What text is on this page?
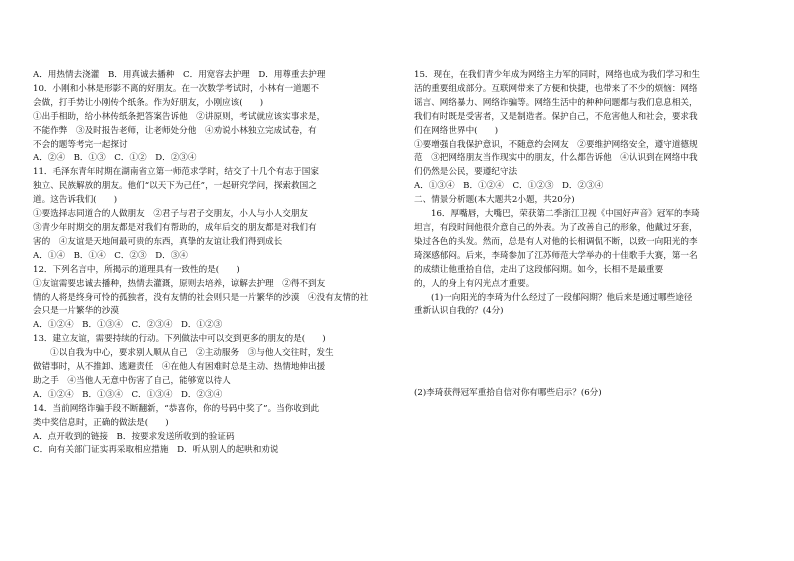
A．用热情去浇灌　B．用真诚去播种　C．用宽容去护理　D．用尊重去护理
10．小刚和小林是形影不离的好朋友。在一次数学考试时，小林有一道题不
会做，打手势让小刚传个纸条。作为好朋友，小刚应该(　　)
①出手相助，给小林传纸条把答案告诉他　②讲原则，考试就应该实事求是，
不能作弊　③及时报告老师，让老师处分他　④劝说小林独立完成试卷，有
不会的题等考完一起探讨
A．②④　B．①③　C．①②　D．②③④
11．毛泽东青年时期在湖南省立第一师范求学时，结交了十几个有志于国家
独立、民族解放的朋友。他们“以天下为己任”，一起研究学问，探索救国之
道。这告诉我们(　　)
①要选择志同道合的人做朋友　②君子与君子交朋友，小人与小人交朋友
③青少年时期交的朋友都是对我们有帮助的，成年后交的朋友都是对我们有
害的　④友谊是天地间最可贵的东西，真挚的友谊让我们得到成长
A．①④　B．①④　C．②③　D．③④
12．下列名言中，所揭示的道理具有一致性的是(　　)
①友谊需要忠诚去播种，热情去灌溉，原则去培养，谅解去护理　②得不到友
情的人将是终身可怜的孤独者，没有友情的社会则只是一片繁华的沙漠　④没有友情的社
会只是一片繁华的沙漠
A．①②④　B．①③④　C．②③④　D．①②③
13．建立友谊，需要持续的行动。下列做法中可以交到更多的朋友的是(　　)
①以自我为中心，要求别人顺从自己　②主动服务　③与他人交往时，发生
做错事时，从不推卸、逃避责任　④在他人有困难时总是主动、热情地伸出援
助之手　④当他人无意中伤害了自己，能够宽以待人
A．①②④　B．①③④　C．①③④　D．②③④
14．当前网络诈骗手段不断翻新，“恭喜你，你的号码中奖了”。当你收到此
类中奖信息时，正确的做法是(　　)
A．点开收到的链接　B．按要求发送所收到的验证码
C．向有关部门证实再采取相应措施　D．听从别人的起哄和劝说
15．现在，在我们青少年成为网络主力军的同时，网络也成为我们学习和生
活的重要组成部分。互联网带来了方便和快捷，也带来了不少的烦恼：网络
谣言、网络暴力、网络诈骗等。网络生活中的种种问题都与我们息息相关，
我们有时既是受害者，又是制造者。保护自己，不危害他人和社会，要求我
们在网络世界中(　　)
①要增强自我保护意识，不随意约会网友　②要维护网络安全，遵守道德规
范　③把网络朋友当作现实中的朋友，什么都告诉他　④认识到在网络中我
们仍然是公民，要遵纪守法
A．①③④　B．①②④　C．①②③　D．②③④
二、情景分析题(本大题共2小题，共20分)
16．厚嘴唇，大嘴巴，荣获第二季浙江卫视《中国好声音》冠军的李琦
坦言，有段时间他很介意自己的外表。为了改善自己的形象，他戴过牙套，
染过各色的头发。然而，总是有人对他的长相调侃不断，以致一向阳光的李
琦深感郁闷。后来，李琦参加了江苏师范大学举办的十佳歌手大赛，第一名
的成绩让他重拾自信，走出了这段郁闷期。如今，长相不是最重要
的，人的身上有闪光点才重要。
(1)一向阳光的李琦为什么经过了一段郁闷期？他后来是通过哪些途径
重新认识自我的？(4分)
(2)李琦获得冠军重拾自信对你有哪些启示？(6分)
